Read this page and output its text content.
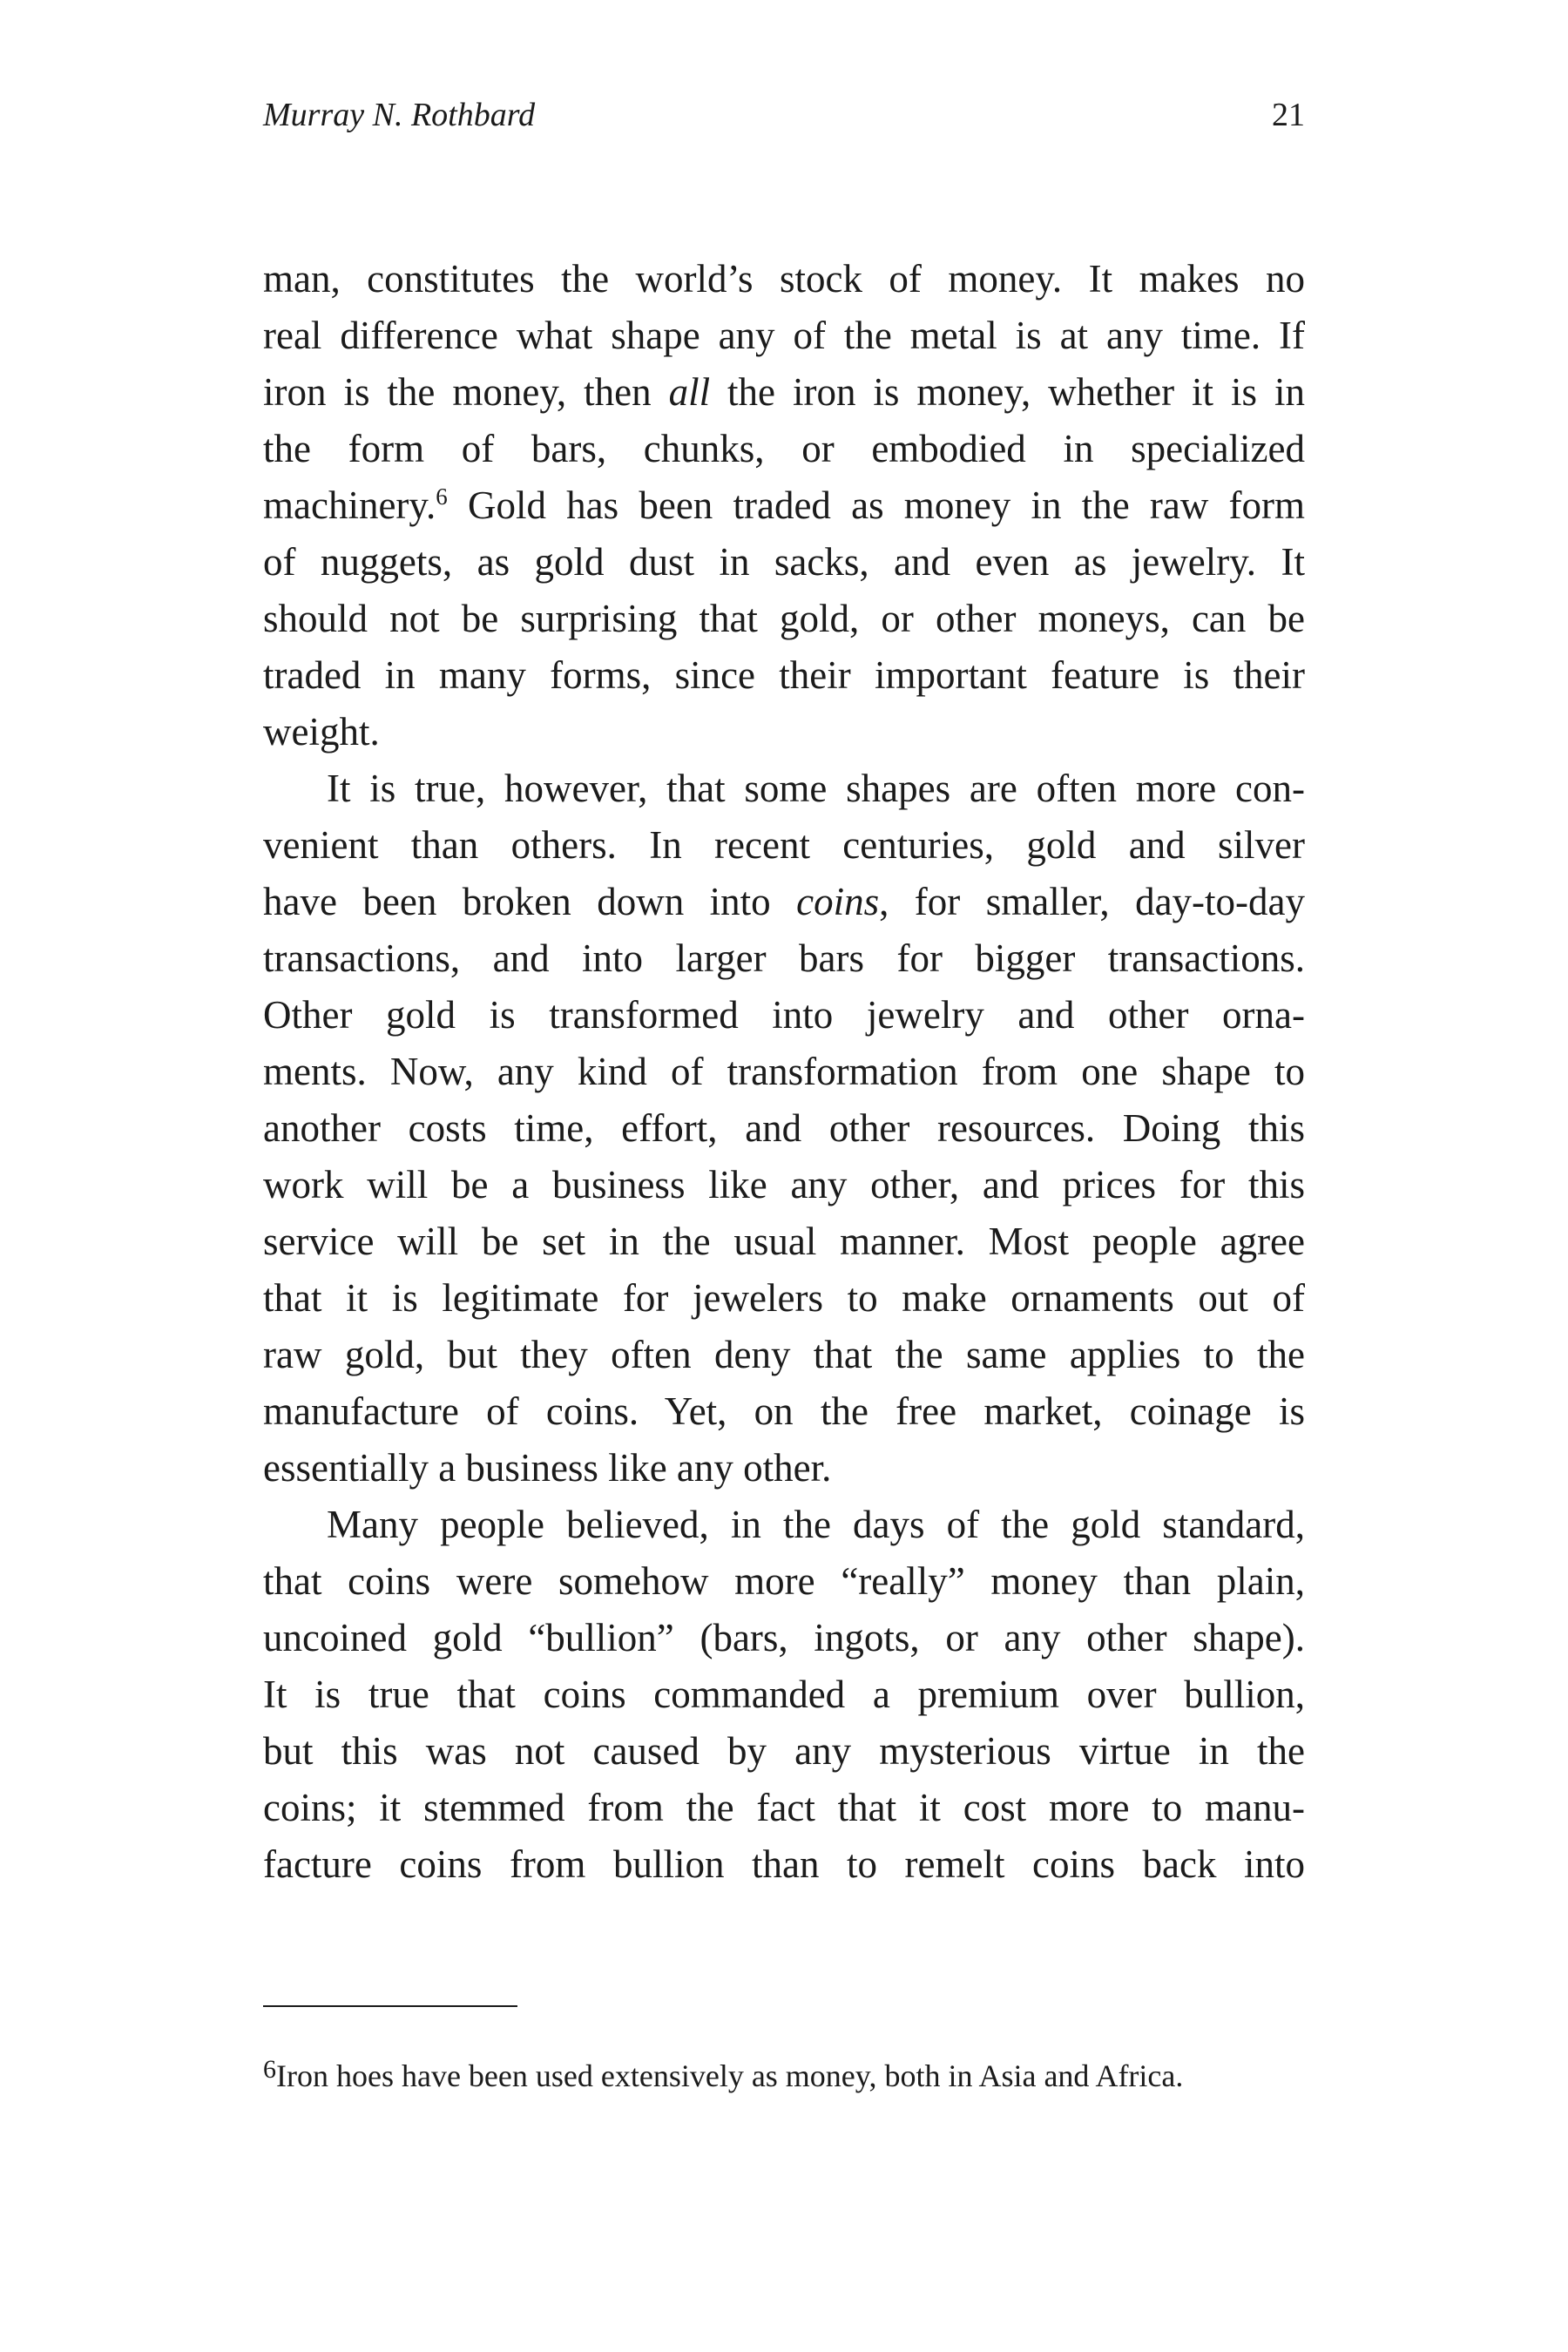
Murray N. Rothbard	21
man, constitutes the world’s stock of money. It makes no
real difference what shape any of the metal is at any time. If
iron is the money, then all the iron is money, whether it is in
the form of bars, chunks, or embodied in specialized
machinery.$^6$ Gold has been traded as money in the raw form
of nuggets, as gold dust in sacks, and even as jewelry. It
should not be surprising that gold, or other moneys, can be
traded in many forms, since their important feature is their
weight.
It is true, however, that some shapes are often more con-
venient than others. In recent centuries, gold and silver
have been broken down into coins, for smaller, day-to-day
transactions, and into larger bars for bigger transactions.
Other gold is transformed into jewelry and other orna-
ments. Now, any kind of transformation from one shape to
another costs time, effort, and other resources. Doing this
work will be a business like any other, and prices for this
service will be set in the usual manner. Most people agree
that it is legitimate for jewelers to make ornaments out of
raw gold, but they often deny that the same applies to the
manufacture of coins. Yet, on the free market, coinage is
essentially a business like any other.
Many people believed, in the days of the gold standard,
that coins were somehow more “really” money than plain,
uncoined gold “bullion” (bars, ingots, or any other shape).
It is true that coins commanded a premium over bullion,
but this was not caused by any mysterious virtue in the
coins; it stemmed from the fact that it cost more to manu-
facture coins from bullion than to remelt coins back into
$^6$Iron hoes have been used extensively as money, both in Asia and Africa.
